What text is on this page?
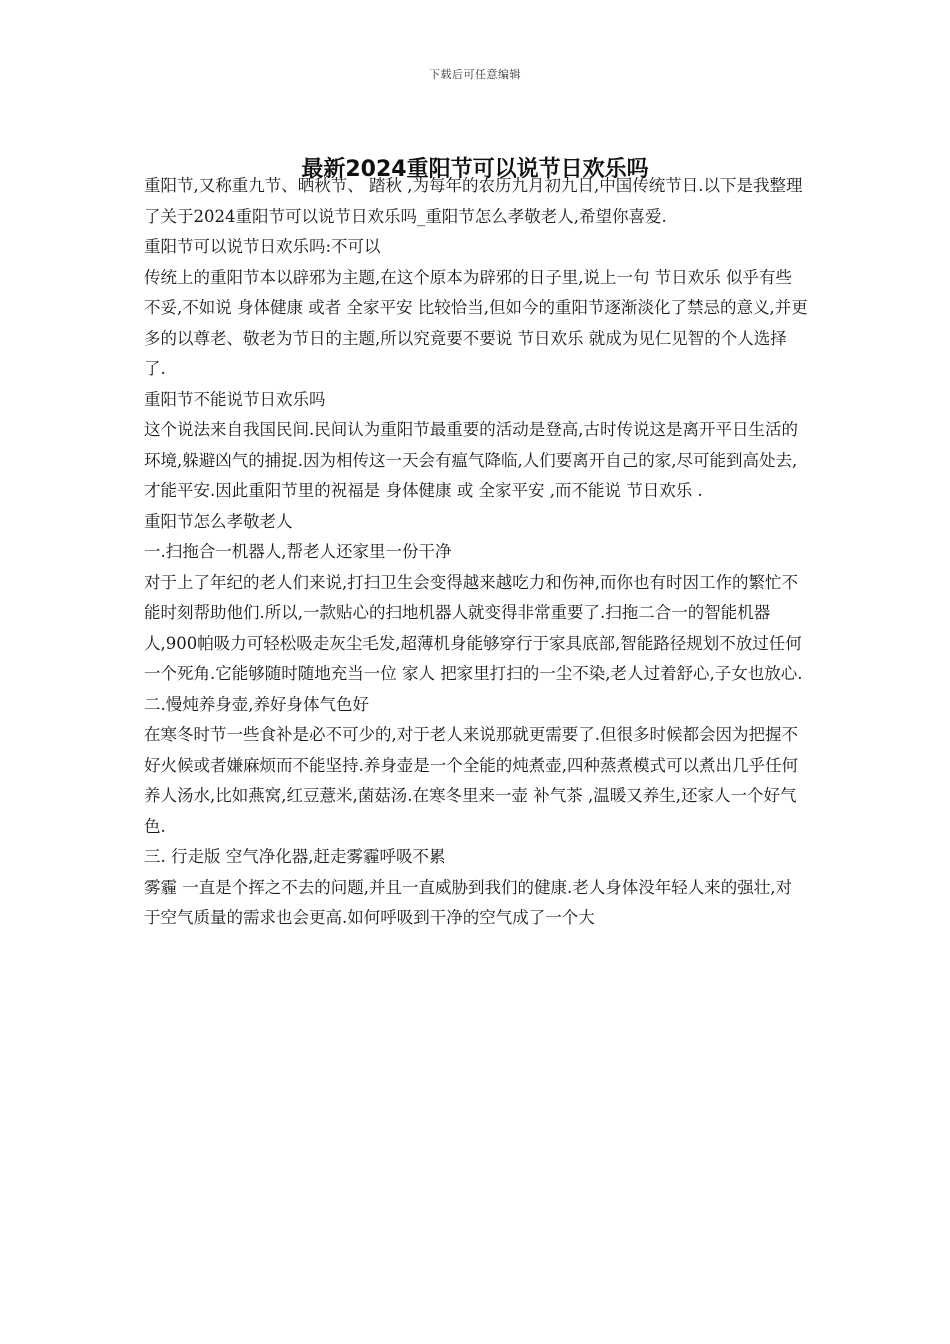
下载后可任意编辑
最新2024重阳节可以说节日欢乐吗

重阳节,又称重九节、晒秋节、 踏秋 ,为每年的农历九月初九日,中国传统节日.以下是我整理了关于2024重阳节可以说节日欢乐吗_重阳节怎么孝敬老人,希望你喜爱.

重阳节可以说节日欢乐吗:不可以

传统上的重阳节本以辟邪为主题,在这个原本为辟邪的日子里,说上一句 节日欢乐 似乎有些不妥,不如说 身体健康 或者 全家平安 比较恰当,但如今的重阳节逐渐淡化了禁忌的意义,并更多的以尊老、敬老为节日的主题,所以究竟要不要说 节日欢乐 就成为见仁见智的个人选择了.

重阳节不能说节日欢乐吗

这个说法来自我国民间.民间认为重阳节最重要的活动是登高,古时传说这是离开平日生活的环境,躲避凶气的捕捉.因为相传这一天会有瘟气降临,人们要离开自己的家,尽可能到高处去,才能平安.因此重阳节里的祝福是 身体健康 或 全家平安 ,而不能说 节日欢乐 .

重阳节怎么孝敬老人

一.扫拖合一机器人,帮老人还家里一份干净

对于上了年纪的老人们来说,打扫卫生会变得越来越吃力和伤神,而你也有时因工作的繁忙不能时刻帮助他们.所以,一款贴心的扫地机器人就变得非常重要了.扫拖二合一的智能机器人,900帕吸力可轻松吸走灰尘毛发,超薄机身能够穿行于家具底部,智能路径规划不放过任何一个死角.它能够随时随地充当一位 家人 把家里打扫的一尘不染,老人过着舒心,子女也放心.

二.慢炖养身壶,养好身体气色好

在寒冬时节一些食补是必不可少的,对于老人来说那就更需要了.但很多时候都会因为把握不好火候或者嫌麻烦而不能坚持.养身壶是一个全能的炖煮壶,四种蒸煮模式可以煮出几乎任何养人汤水,比如燕窝,红豆薏米,菌菇汤.在寒冬里来一壶 补气茶 ,温暖又养生,还家人一个好气色.

三. 行走版 空气净化器,赶走雾霾呼吸不累

雾霾 一直是个挥之不去的问题,并且一直威胁到我们的健康.老人身体没年轻人来的强壮,对于空气质量的需求也会更高.如何呼吸到干净的空气成了一个大
